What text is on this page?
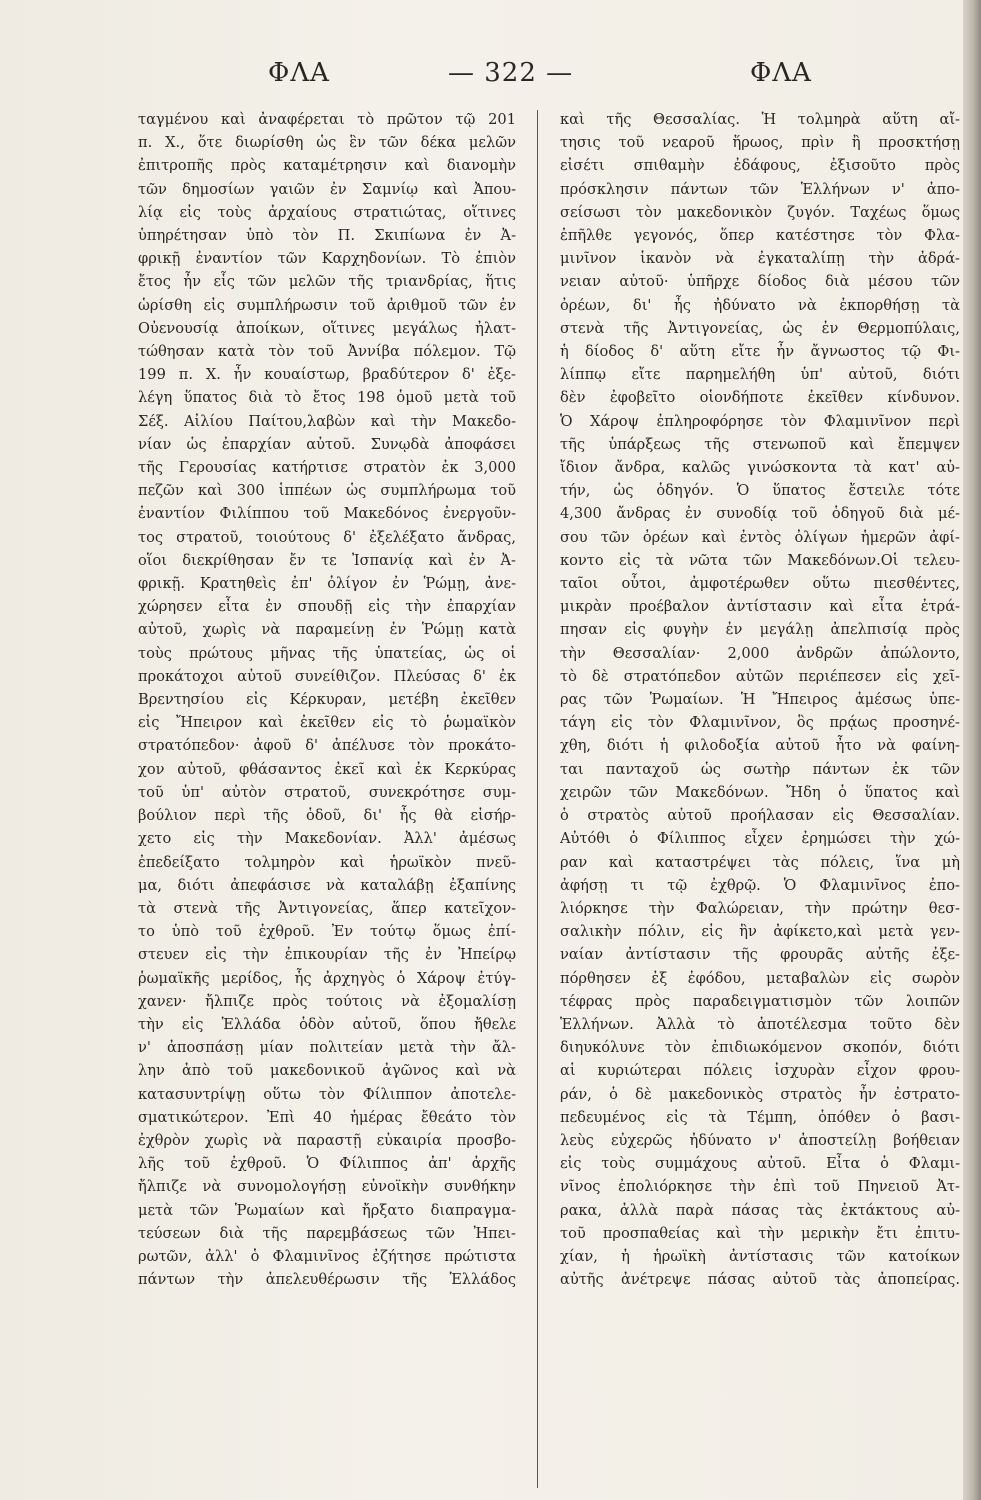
ΦΛΑ	— 322 —	ΦΛΑ
ταγμένου καὶ ἀναφέρεται τὸ πρῶτον τῷ 201
π. Χ., ὅτε διωρίσθη ὡς ἓν τῶν δέκα μελῶν
ἐπιτροπῆς πρὸς καταμέτρησιν καὶ διανομὴν
τῶν δημοσίων γαιῶν ἐν Σαμνίῳ καὶ Ἀπου-
λίᾳ εἰς τοὺς ἀρχαίους στρατιώτας, οἵτινες
ὑπηρέτησαν ὑπὸ τὸν Π. Σκιπίωνα ἐν Ἀ-
φρικῇ ἐναντίον τῶν Καρχηδονίων. Τὸ ἐπιὸν
ἔτος ἦν εἷς τῶν μελῶν τῆς τριανδρίας, ἥτις
ὡρίσθη εἰς συμπλήρωσιν τοῦ ἀριθμοῦ τῶν ἐν
Οὐενουσίᾳ ἀποίκων, οἵτινες μεγάλως ἠλατ-
τώθησαν κατὰ τὸν τοῦ Ἀννίβα πόλεμον. Τῷ
199 π. Χ. ἦν κουαίστωρ, βραδύτερον δ' ἐξε-
λέγη ὕπατος διὰ τὸ ἔτος 198 ὁμοῦ μετὰ τοῦ
Σέξ. Αἰλίου Παίτου,λαβὼν καὶ τὴν Μακεδο-
νίαν ὡς ἐπαρχίαν αὐτοῦ. Συνῳδὰ ἀποφάσει
τῆς Γερουσίας κατήρτισε στρατὸν ἐκ 3,000
πεζῶν καὶ 300 ἱππέων ὡς συμπλήρωμα τοῦ
ἐναντίον Φιλίππου τοῦ Μακεδόνος ἐνεργοῦν-
τος στρατοῦ, τοιούτους δ' ἐξελέξατο ἄνδρας,
οἵοι διεκρίθησαν ἔν τε Ἰσπανίᾳ καὶ ἐν Ἀ-
φρικῇ. Κρατηθεὶς ἐπ' ὀλίγον ἐν Ῥώμῃ, ἀνε-
χώρησεν εἶτα ἐν σπουδῇ εἰς τὴν ἐπαρχίαν
αὐτοῦ, χωρὶς νὰ παραμείνῃ ἐν Ῥώμῃ κατὰ
τοὺς πρώτους μῆνας τῆς ὑπατείας, ὡς οἱ
προκάτοχοι αὐτοῦ συνείθιζον. Πλεύσας δ' ἐκ
Βρεντησίου εἰς Κέρκυραν, μετέβη ἐκεῖθεν
εἰς Ἤπειρον καὶ ἐκεῖθεν εἰς τὸ ῥωμαϊκὸν
στρατόπεδον· ἀφοῦ δ' ἀπέλυσε τὸν προκάτο-
χον αὐτοῦ, φθάσαντος ἐκεῖ καὶ ἐκ Κερκύρας
τοῦ ὑπ' αὐτὸν στρατοῦ, συνεκρότησε συμ-
βούλιον περὶ τῆς ὁδοῦ, δι' ἧς θὰ εἰσήρ-
χετο εἰς τὴν Μακεδονίαν. Ἀλλ' ἀμέσως
ἐπεδείξατο τολμηρὸν καὶ ἡρωϊκὸν πνεῦ-
μα, διότι ἀπεφάσισε νὰ καταλάβῃ ἐξαπίνης
τὰ στενὰ τῆς Ἀντιγονείας, ἅπερ κατεῖχον-
το ὑπὸ τοῦ ἐχθροῦ. Ἐν τούτῳ ὅμως ἐπί-
στευεν εἰς τὴν ἐπικουρίαν τῆς ἐν Ἠπείρῳ
ῥωμαϊκῆς μερίδος, ἧς ἀρχηγὸς ὁ Χάροψ ἐτύγ-
χανεν· ἤλπιζε πρὸς τούτοις νὰ ἐξομαλίσῃ
τὴν εἰς Ἑλλάδα ὁδὸν αὐτοῦ, ὅπου ἤθελε
ν' ἀποσπάσῃ μίαν πολιτείαν μετὰ τὴν ἄλ-
λην ἀπὸ τοῦ μακεδονικοῦ ἀγῶνος καὶ νὰ
κατασυντρίψῃ οὕτω τὸν Φίλιππον ἀποτελε-
σματικώτερον. Ἐπὶ 40 ἡμέρας ἔθεάτο τὸν
ἐχθρὸν χωρὶς νὰ παραστῇ εὐκαιρία προσβο-
λῆς τοῦ ἐχθροῦ. Ὁ Φίλιππος ἀπ' ἀρχῆς
ἤλπιζε νὰ συνομολογήσῃ εὐνοϊκὴν συνθήκην
μετὰ τῶν Ῥωμαίων καὶ ἤρξατο διαπραγμα-
τεύσεων διὰ τῆς παρεμβάσεως τῶν Ἠπει-
ρωτῶν, ἀλλ' ὁ Φλαμινῖνος ἐζήτησε πρώτιστα
πάντων τὴν ἀπελευθέρωσιν τῆς Ἑλλάδος
καὶ τῆς Θεσσαλίας. Ἡ τολμηρὰ αὕτη αἴ-
τησις τοῦ νεαροῦ ἥρωος, πρὶν ἢ προσκτήσῃ
εἰσέτι σπιθαμὴν ἐδάφους, ἐξισοῦτο πρὸς
πρόσκλησιν πάντων τῶν Ἑλλήνων ν' ἀπο-
σείσωσι τὸν μακεδονικὸν ζυγόν. Ταχέως ὅμως
ἐπῆλθε γεγονός, ὅπερ κατέστησε τὸν Φλα-
μινῖνον ἱκανὸν νὰ ἐγκαταλίπῃ τὴν ἀδρά-
νειαν αὐτοῦ· ὑπῆρχε δίοδος διὰ μέσου τῶν
ὀρέων, δι' ἧς ἠδύνατο νὰ ἐκπορθήσῃ τὰ
στενὰ τῆς Ἀντιγονείας, ὡς ἐν Θερμοπύλαις,
ἡ δίοδος δ' αὕτη εἴτε ἦν ἄγνωστος τῷ Φι-
λίππῳ εἴτε παρημελήθη ὑπ' αὐτοῦ, διότι
δὲν ἐφοβεῖτο οἱονδήποτε ἐκεῖθεν κίνδυνον.
Ὁ Χάροψ ἐπληροφόρησε τὸν Φλαμινῖνον περὶ
τῆς ὑπάρξεως τῆς στενωποῦ καὶ ἔπεμψεν
ἴδιον ἄνδρα, καλῶς γινώσκοντα τὰ κατ' αὐ-
τήν, ὡς ὁδηγόν. Ὁ ὕπατος ἔστειλε τότε
4,300 ἄνδρας ἐν συνοδίᾳ τοῦ ὁδηγοῦ διὰ μέ-
σου τῶν ὀρέων καὶ ἐντὸς ὀλίγων ἡμερῶν ἀφί-
κοντο εἰς τὰ νῶτα τῶν Μακεδόνων.Οἱ τελευ-
ταῖοι οὗτοι, ἀμφοτέρωθεν οὕτω πιεσθέντες,
μικρὰν προέβαλον ἀντίστασιν καὶ εἶτα ἐτρά-
πησαν εἰς φυγὴν ἐν μεγάλῃ ἀπελπισίᾳ πρὸς
τὴν Θεσσαλίαν· 2,000 ἀνδρῶν ἀπώλοντο,
τὸ δὲ στρατόπεδον αὐτῶν περιέπεσεν εἰς χεῖ-
ρας τῶν Ῥωμαίων. Ἡ Ἤπειρος ἀμέσως ὑπε-
τάγη εἰς τὸν Φλαμινῖνον, ὃς πρᾴως προσηνέ-
χθη, διότι ἡ φιλοδοξία αὐτοῦ ἦτο νὰ φαίνη-
ται πανταχοῦ ὡς σωτὴρ πάντων ἐκ τῶν
χειρῶν τῶν Μακεδόνων. Ἤδη ὁ ὕπατος καὶ
ὁ στρατὸς αὐτοῦ προήλασαν εἰς Θεσσαλίαν.
Αὐτόθι ὁ Φίλιππος εἶχεν ἐρημώσει τὴν χώ-
ραν καὶ καταστρέψει τὰς πόλεις, ἵνα μὴ
ἀφήσῃ τι τῷ ἐχθρῷ. Ὁ Φλαμινῖνος ἐπο-
λιόρκησε τὴν Φαλώρειαν, τὴν πρώτην θεσ-
σαλικὴν πόλιν, εἰς ἣν ἀφίκετο,καὶ μετὰ γεν-
ναίαν ἀντίστασιν τῆς φρουρᾶς αὐτῆς ἐξε-
πόρθησεν ἐξ ἐφόδου, μεταβαλὼν εἰς σωρὸν
τέφρας πρὸς παραδειγματισμὸν τῶν λοιπῶν
Ἑλλήνων. Ἀλλὰ τὸ ἀποτέλεσμα τοῦτο δὲν
διηυκόλυνε τὸν ἐπιδιωκόμενον σκοπόν, διότι
αἱ κυριώτεραι πόλεις ἰσχυρὰν εἶχον φρου-
ράν, ὁ δὲ μακεδονικὸς στρατὸς ἦν ἐστρατο-
πεδευμένος εἰς τὰ Τέμπη, ὁπόθεν ὁ βασι-
λεὺς εὐχερῶς ἠδύνατο ν' ἀποστείλῃ βοήθειαν
εἰς τοὺς συμμάχους αὐτοῦ. Εἶτα ὁ Φλαμι-
νῖνος ἐπολιόρκησε τὴν ἐπὶ τοῦ Πηνειοῦ Ἀτ-
ρακα, ἀλλὰ παρὰ πάσας τὰς ἐκτάκτους αὐ-
τοῦ προσπαθείας καὶ τὴν μερικὴν ἔτι ἐπιτυ-
χίαν, ἡ ἡρωϊκὴ ἀντίστασις τῶν κατοίκων
αὐτῆς ἀνέτρεψε πάσας αὐτοῦ τὰς ἀποπείρας.
